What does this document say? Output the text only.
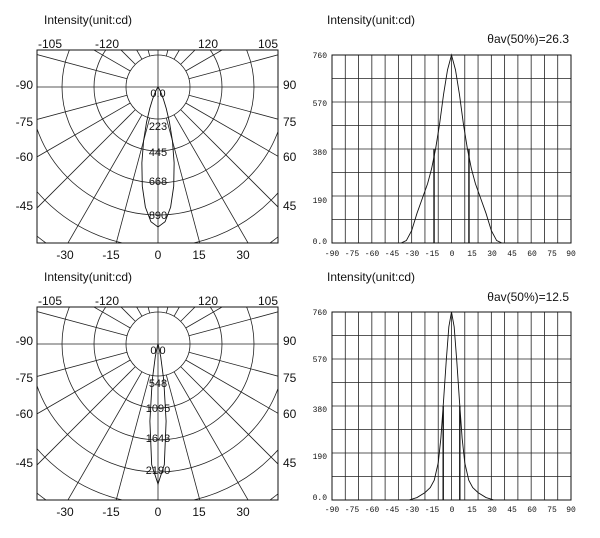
Intensity(unit:cd)
-105	-120	120	105
-90
-75
-60
-45
90
75
60
45
-30 -15	0	15	30
0.0
223
445
668
890
Intensity(unit:cd)
θav(50%)=26.3
760
570
380
190
0.0
-90 -75 -60 -45 -30 -15 0 15 30 45 60 75 90
Intensity(unit:cd)
-105	-120	120	105
-90
-75
-60
-45
90
75
60
45
-30 -15	0	15	30
0.0
548
1095
1643
2190
Intensity(unit:cd)
θav(50%)=12.5
760
570
380
190
0.0
-90 -75 -60 -45 -30 -15 0 15 30 45 60 75 90
